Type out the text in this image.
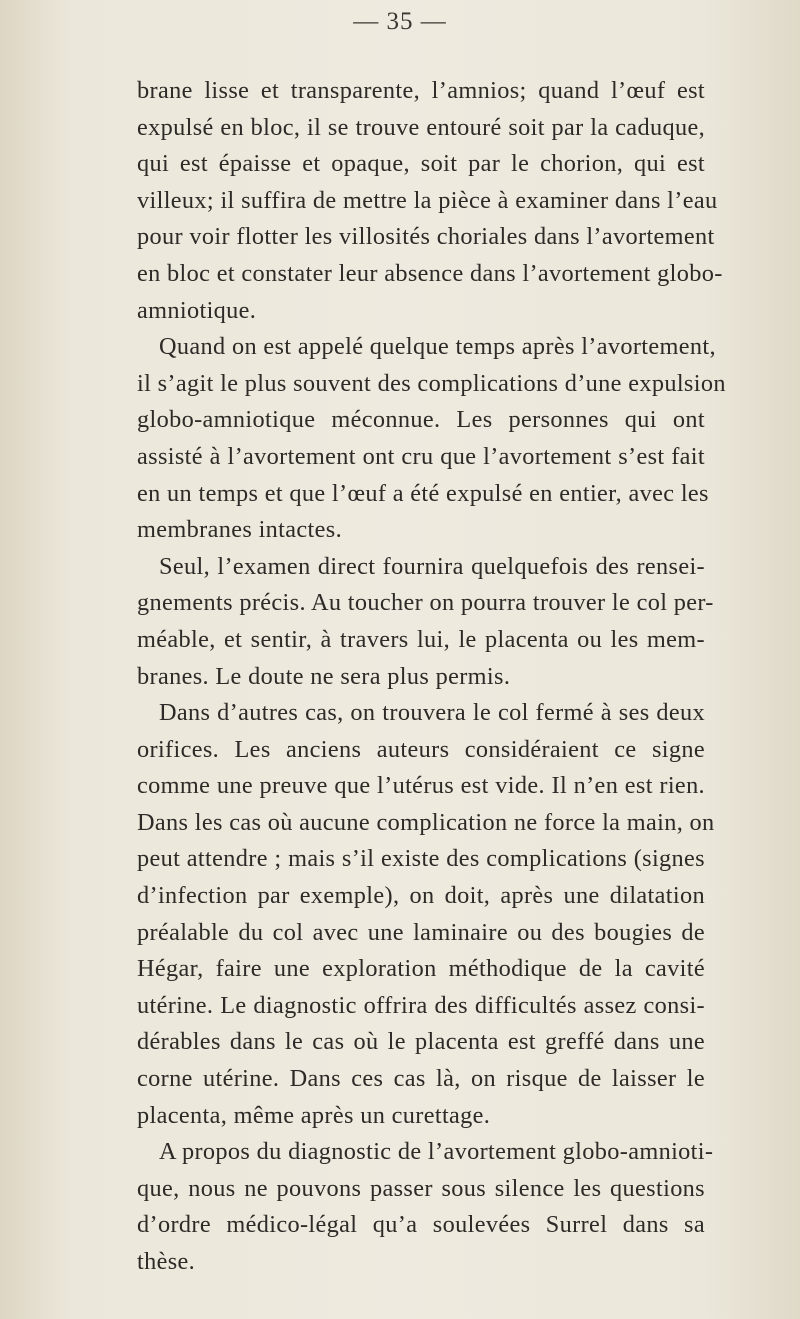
— 35 —
brane lisse et transparente, l’amnios; quand l’œuf est
expulsé en bloc, il se trouve entouré soit par la caduque,
qui est épaisse et opaque, soit par le chorion, qui est
villeux; il suffira de mettre la pièce à examiner dans l’eau
pour voir flotter les villosités choriales dans l’avortement
en bloc et constater leur absence dans l’avortement globo-
amniotique.
Quand on est appelé quelque temps après l’avortement,
il s’agit le plus souvent des complications d’une expulsion
globo-amniotique méconnue. Les personnes qui ont
assisté à l’avortement ont cru que l’avortement s’est fait
en un temps et que l’œuf a été expulsé en entier, avec les
membranes intactes.
Seul, l’examen direct fournira quelquefois des rensei-
gnements précis. Au toucher on pourra trouver le col per-
méable, et sentir, à travers lui, le placenta ou les mem-
branes. Le doute ne sera plus permis.
Dans d’autres cas, on trouvera le col fermé à ses deux
orifices. Les anciens auteurs considéraient ce signe
comme une preuve que l’utérus est vide. Il n’en est rien.
Dans les cas où aucune complication ne force la main, on
peut attendre ; mais s’il existe des complications (signes
d’infection par exemple), on doit, après une dilatation
préalable du col avec une laminaire ou des bougies de
Hégar, faire une exploration méthodique de la cavité
utérine. Le diagnostic offrira des difficultés assez consi-
dérables dans le cas où le placenta est greffé dans une
corne utérine. Dans ces cas là, on risque de laisser le
placenta, même après un curettage.
A propos du diagnostic de l’avortement globo-amnioti-
que, nous ne pouvons passer sous silence les questions
d’ordre médico-légal qu’a soulevées Surrel dans sa
thèse.
